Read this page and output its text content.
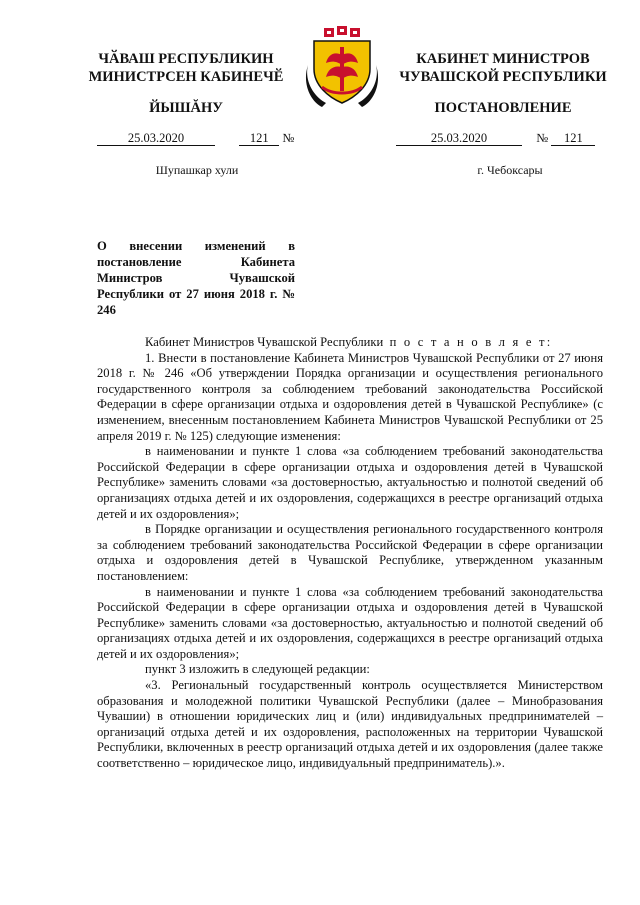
ЧӐВАШ РЕСПУБЛИКИН
МИНИСТРСЕН КАБИНЕЧӖ
ЙЫШĂНУ
КАБИНЕТ МИНИСТРОВ
ЧУВАШСКОЙ РЕСПУБЛИКИ
ПОСТАНОВЛЕНИЕ
25.03.2020	121 №	25.03.2020	№ 121
Шупашкар хули	г. Чебоксары
О внесении изменений в постановление Кабинета Министров Чувашской Республики от 27 июня 2018 г. № 246

Кабинет Министров Чувашской Республики п о с т а н о в л я е т:

1. Внести в постановление Кабинета Министров Чувашской Республики от 27 июня 2018 г. № 246 «Об утверждении Порядка организации и осуществления регионального государственного контроля за соблюдением требований законодательства Российской Федерации в сфере организации отдыха и оздоровления детей в Чувашской Республике» (с изменением, внесенным постановлением Кабинета Министров Чувашской Республики от 25 апреля 2019 г. № 125) следующие изменения:

в наименовании и пункте 1 слова «за соблюдением требований законодательства Российской Федерации в сфере организации отдыха и оздоровления детей в Чувашской Республике» заменить словами «за достоверностью, актуальностью и полнотой сведений об организациях отдыха детей и их оздоровления, содержащихся в реестре организаций отдыха детей и их оздоровления»;

в Порядке организации и осуществления регионального государственного контроля за соблюдением требований законодательства Российской Федерации в сфере организации отдыха и оздоровления детей в Чувашской Республике, утвержденном указанным постановлением:

в наименовании и пункте 1 слова «за соблюдением требований законодательства Российской Федерации в сфере организации отдыха и оздоровления детей в Чувашской Республике» заменить словами «за достоверностью, актуальностью и полнотой сведений об организациях отдыха детей и их оздоровления, содержащихся в реестре организаций отдыха детей и их оздоровления»;

пункт 3 изложить в следующей редакции:

«3. Региональный государственный контроль осуществляется Министерством образования и молодежной политики Чувашской Республики (далее – Минобразования Чувашии) в отношении юридических лиц и (или) индивидуальных предпринимателей – организаций отдыха детей и их оздоровления, расположенных на территории Чувашской Республики, включенных в реестр организаций отдыха детей и их оздоровления (далее также соответственно – юридическое лицо, индивидуальный предприниматель).».
